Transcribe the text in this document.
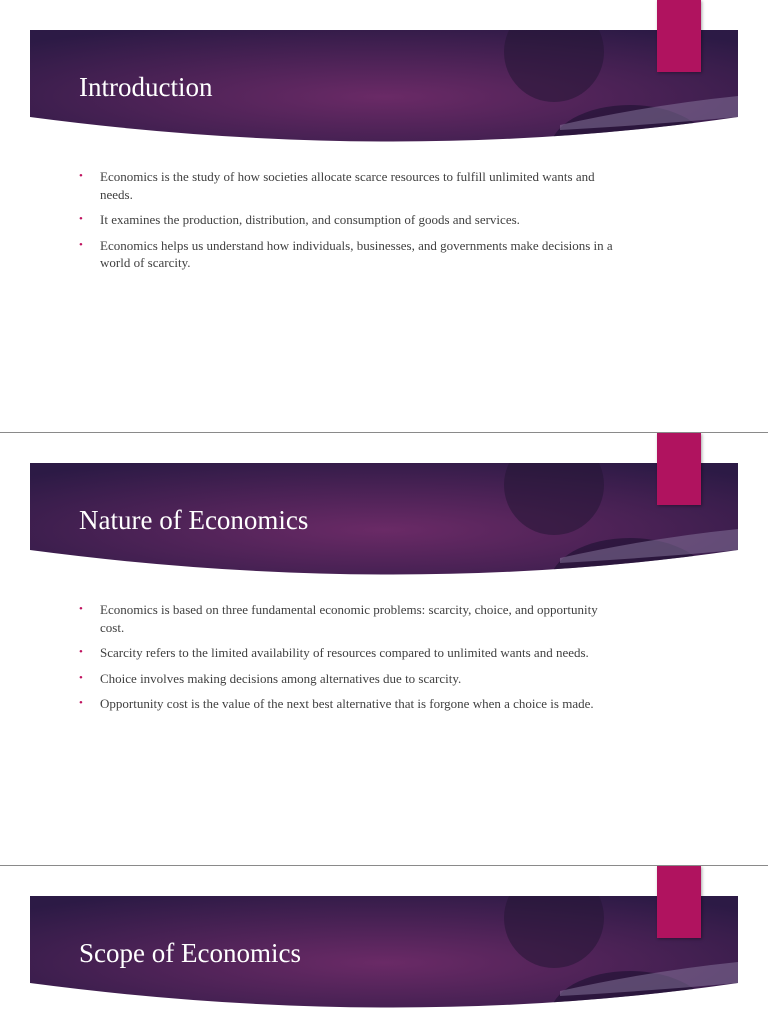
Introduction
• Economics is the study of how societies allocate scarce resources to fulfill unlimited wants and needs.
• It examines the production, distribution, and consumption of goods and services.
• Economics helps us understand how individuals, businesses, and governments make decisions in a world of scarcity.
Nature of Economics
• Economics is based on three fundamental economic problems: scarcity, choice, and opportunity cost.
• Scarcity refers to the limited availability of resources compared to unlimited wants and needs.
• Choice involves making decisions among alternatives due to scarcity.
• Opportunity cost is the value of the next best alternative that is forgone when a choice is made.
Scope of Economics
